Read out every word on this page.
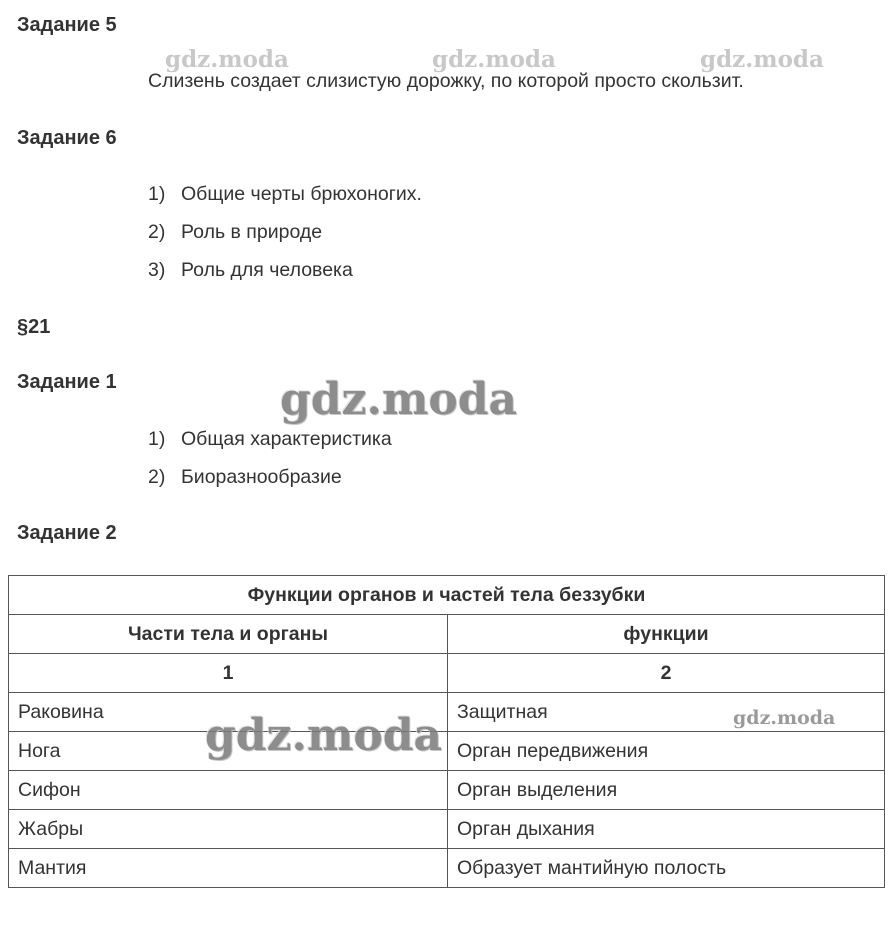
gdz.moda	gdz.moda	gdz.moda
gdz.moda
Задание 5
Слизень создает слизистую дорожку, по которой просто скользит.
Задание 6
1) Общие черты брюхоногих.
2) Роль в природе
3) Роль для человека
§21
Задание 1
1) Общая характеристика
2) Биоразнообразие
Задание 2
Функции органов и частей тела беззубки	
Части тела и органы	функции
1	2
Раковина	Защитная
Нога	Орган передвижения
Сифон	Орган выделения
Жабры	Орган дыхания
Мантия	Образует мантийную полость
gdz.moda	gdz.moda
